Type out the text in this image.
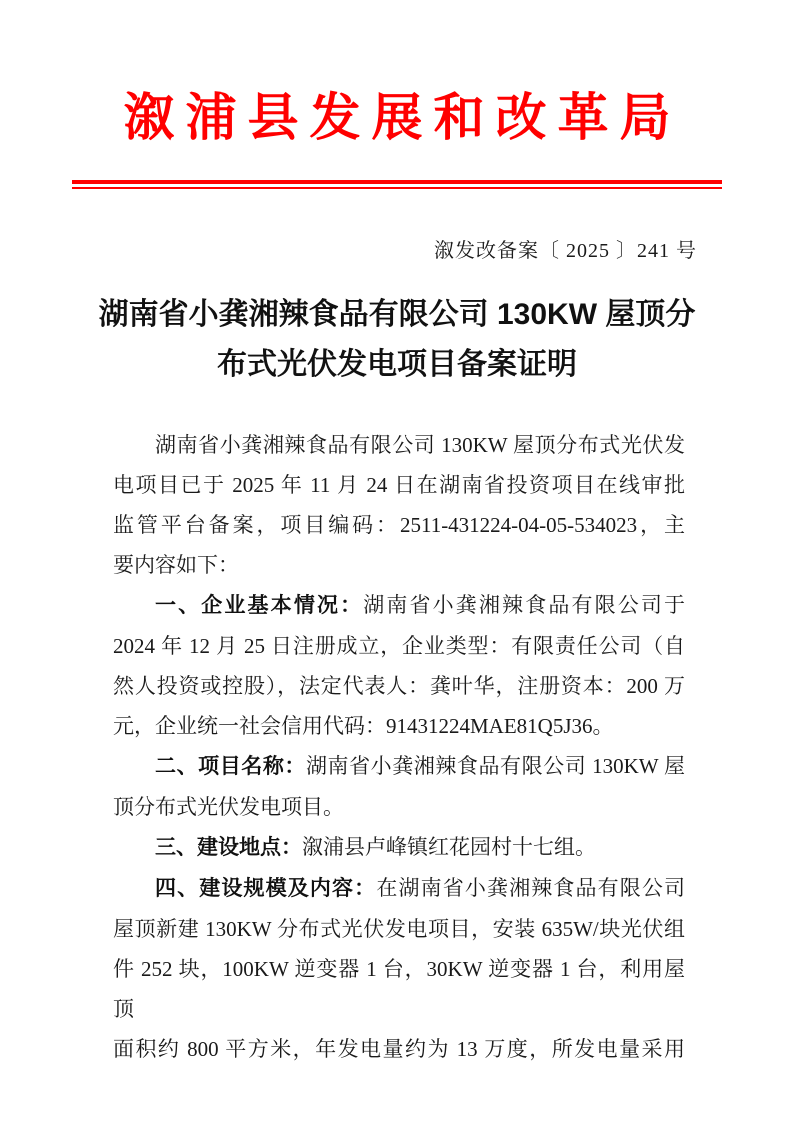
溆浦县发展和改革局
溆发改备案〔 2025 〕241 号
湖南省小龚湘辣食品有限公司 130KW 屋顶分
布式光伏发电项目备案证明
湖南省小龚湘辣食品有限公司 130KW 屋顶分布式光伏发
电项目已于 2025 年 11 月 24 日在湖南省投资项目在线审批
监管平台备案，项目编码：2511-431224-04-05-534023，主
要内容如下：
一、企业基本情况：湖南省小龚湘辣食品有限公司于
2024 年 12 月 25 日注册成立，企业类型：有限责任公司（自
然人投资或控股），法定代表人：龚叶华，注册资本：200 万
元，企业统一社会信用代码：91431224MAE81Q5J36。
二、项目名称：湖南省小龚湘辣食品有限公司 130KW 屋
顶分布式光伏发电项目。
三、建设地点：溆浦县卢峰镇红花园村十七组。
四、建设规模及内容：在湖南省小龚湘辣食品有限公司
屋顶新建 130KW 分布式光伏发电项目，安装 635W/块光伏组
件 252 块，100KW 逆变器 1 台，30KW 逆变器 1 台，利用屋顶
面积约 800 平方米，年发电量约为 13 万度，所发电量采用
